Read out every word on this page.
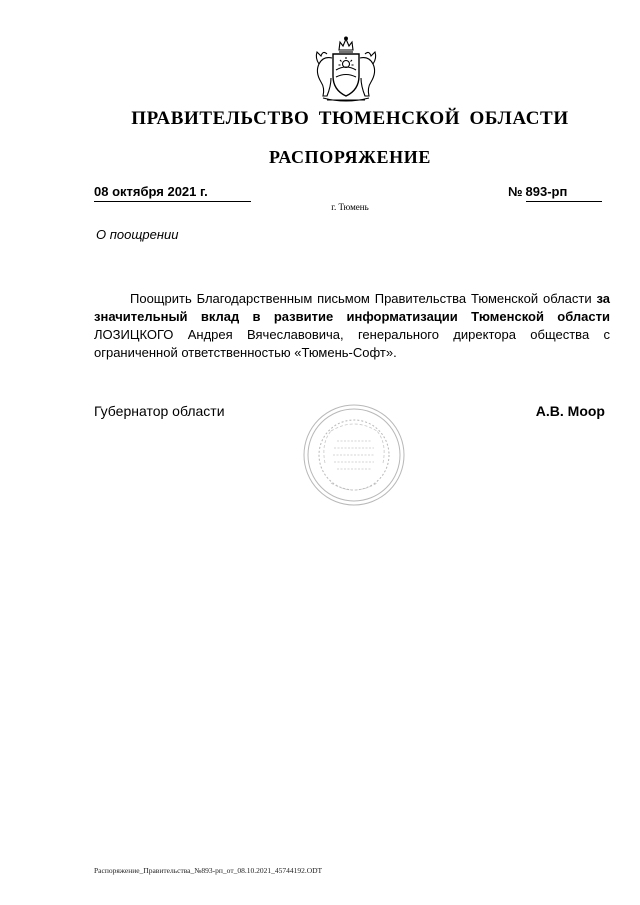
ПРАВИТЕЛЬСТВО ТЮМЕНСКОЙ ОБЛАСТИ
РАСПОРЯЖЕНИЕ
08 октября 2021 г.	№ 893-рп
г. Тюмень
О поощрении

Поощрить Благодарственным письмом Правительства Тюменской области за значительный вклад в развитие информатизации Тюменской области ЛОЗИЦКОГО Андрея Вячеславовича, генерального директора общества с ограниченной ответственностью «Тюмень-Софт».

Губернатор области	А.В. Моор
Распоряжение_Правительства_№893-рп_от_08.10.2021_45744192.ODT
